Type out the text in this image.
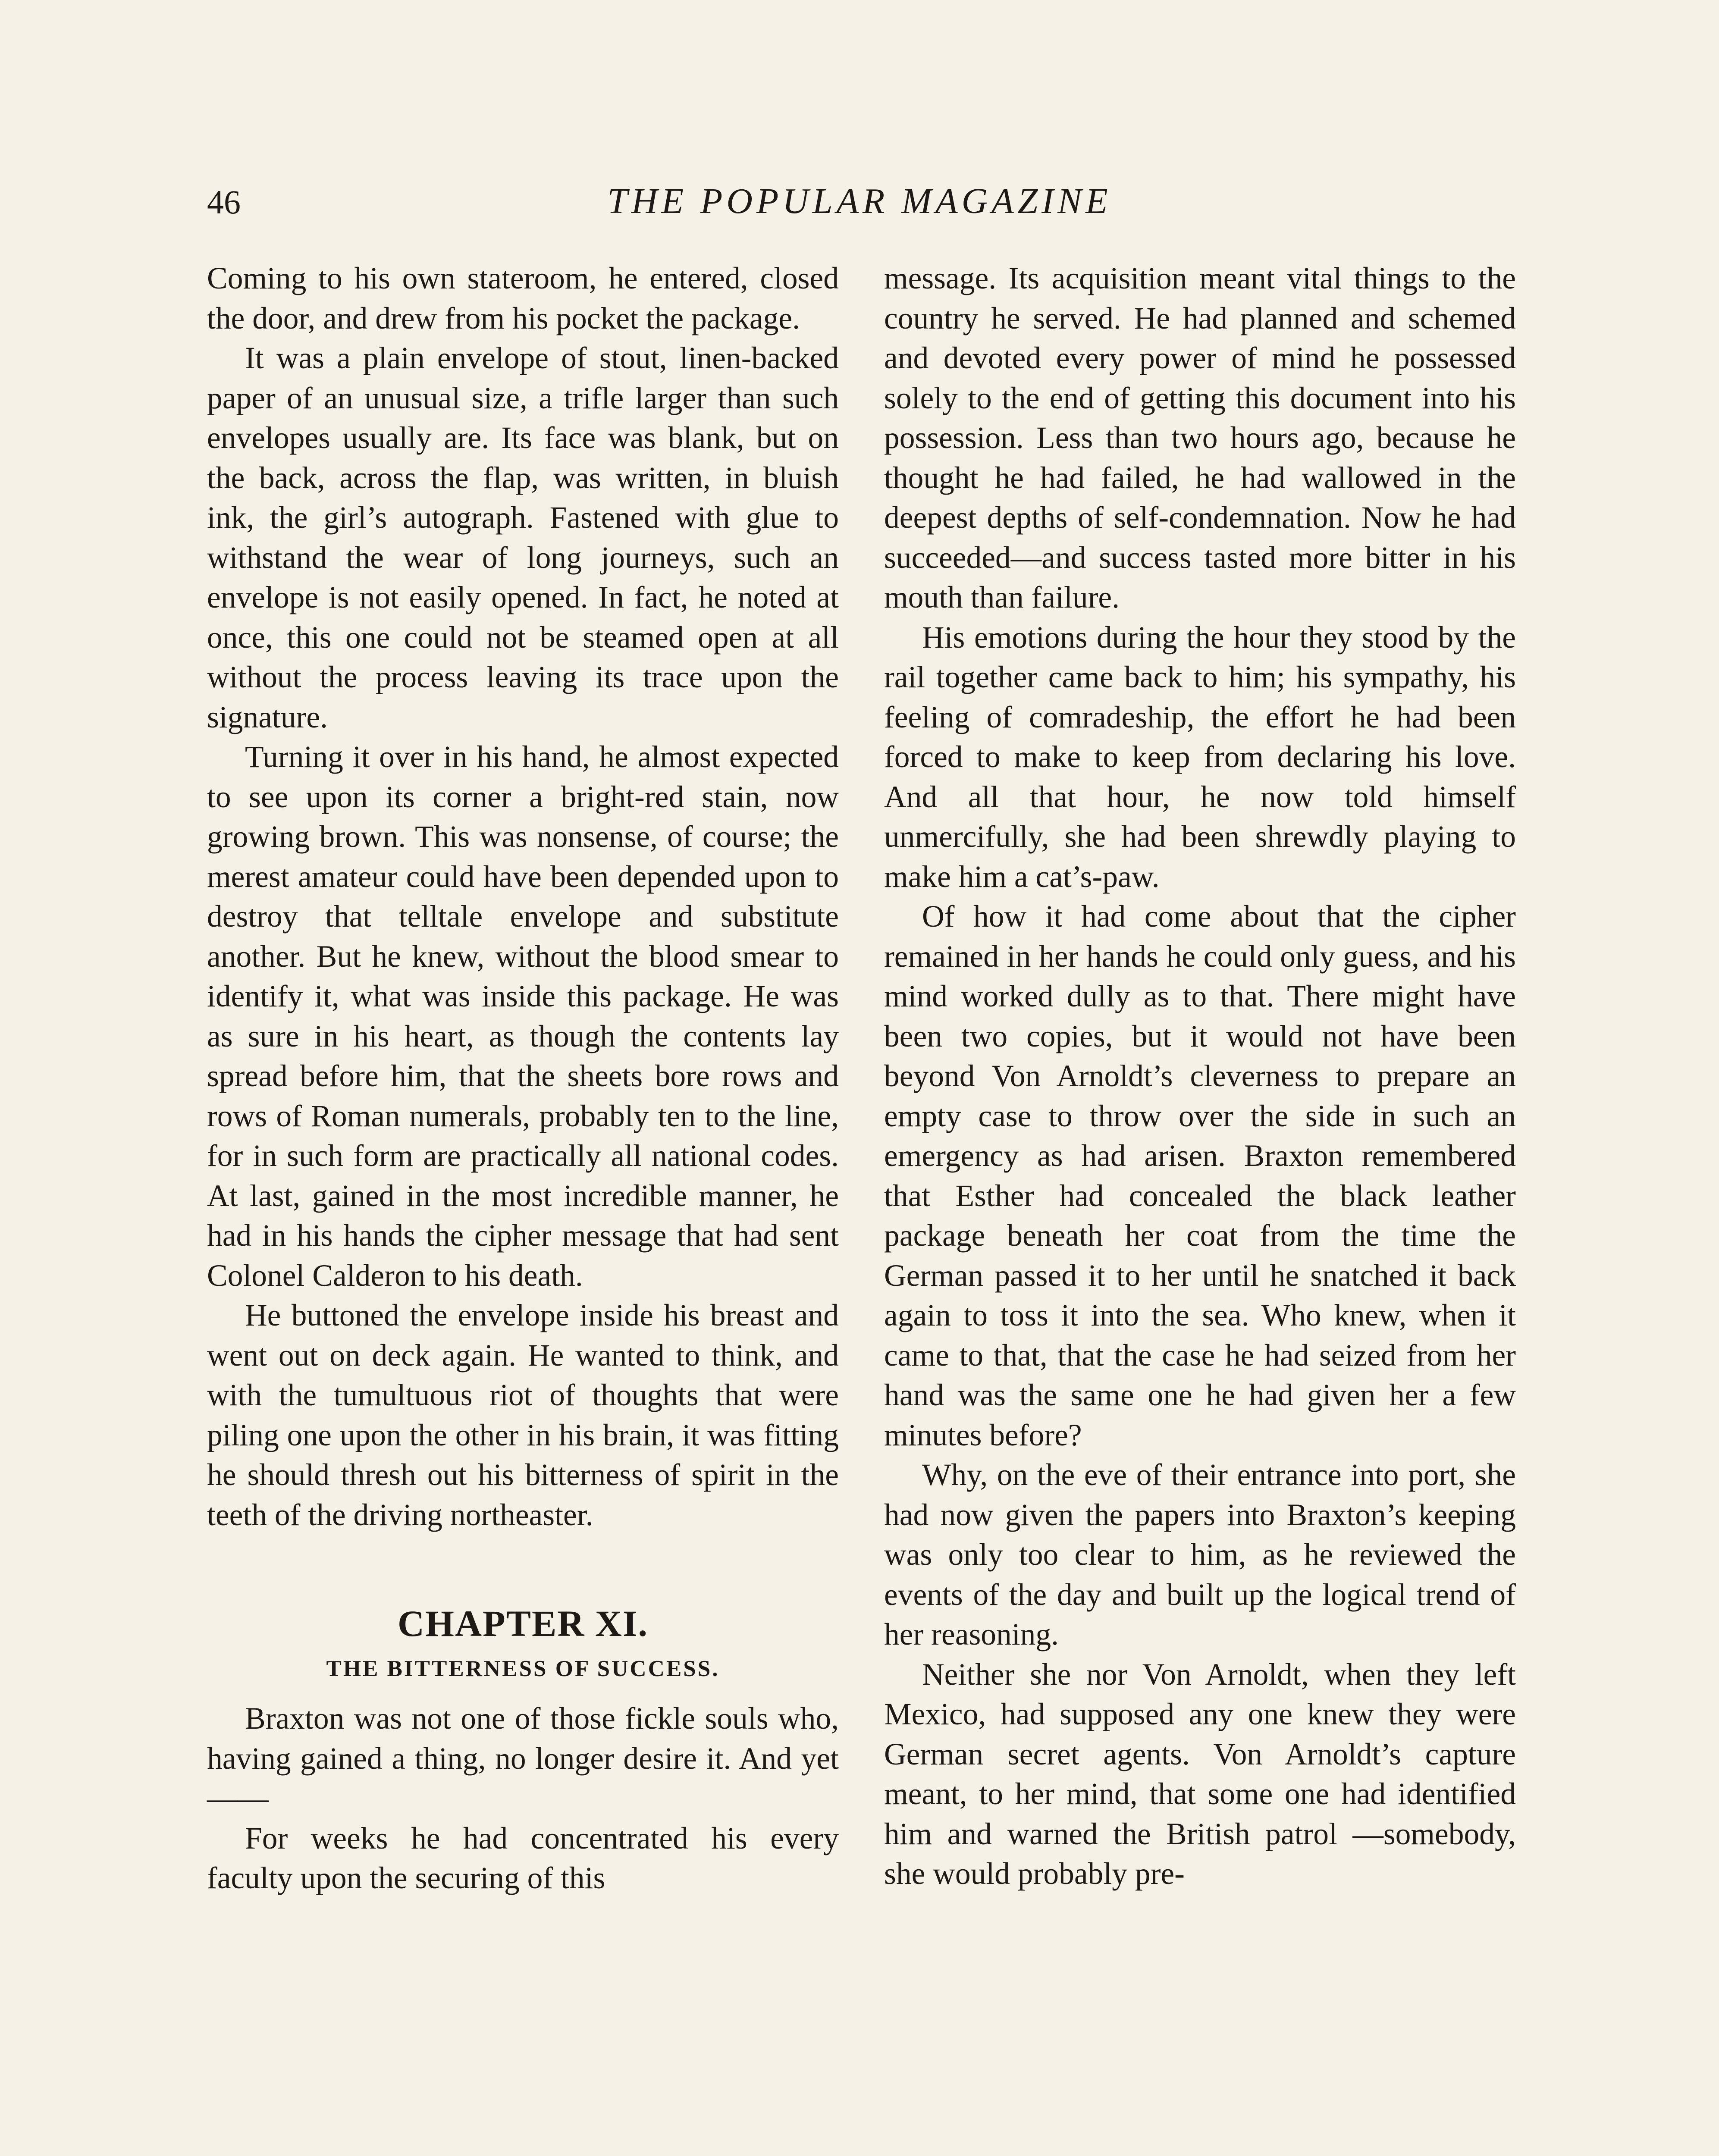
46	THE POPULAR MAGAZINE

Coming to his own stateroom, he entered, closed the door, and drew from his pocket the package.

It was a plain envelope of stout, linen-backed paper of an unusual size, a trifle larger than such envelopes usually are. Its face was blank, but on the back, across the flap, was written, in bluish ink, the girl’s autograph. Fastened with glue to withstand the wear of long journeys, such an envelope is not easily opened. In fact, he noted at once, this one could not be steamed open at all without the process leaving its trace upon the signature.

Turning it over in his hand, he almost expected to see upon its corner a bright-red stain, now growing brown. This was nonsense, of course; the merest amateur could have been depended upon to destroy that telltale envelope and substitute another. But he knew, without the blood smear to identify it, what was inside this package. He was as sure in his heart, as though the contents lay spread before him, that the sheets bore rows and rows of Roman numerals, probably ten to the line, for in such form are practically all national codes. At last, gained in the most incredible manner, he had in his hands the cipher message that had sent Colonel Calderon to his death.

He buttoned the envelope inside his breast and went out on deck again. He wanted to think, and with the tumultuous riot of thoughts that were piling one upon the other in his brain, it was fitting he should thresh out his bitterness of spirit in the teeth of the driving northeaster.

CHAPTER XI.
THE BITTERNESS OF SUCCESS.

Braxton was not one of those fickle souls who, having gained a thing, no longer desire it. And yet——

For weeks he had concentrated his every faculty upon the securing of this

message. Its acquisition meant vital things to the country he served. He had planned and schemed and devoted every power of mind he possessed solely to the end of getting this document into his possession. Less than two hours ago, because he thought he had failed, he had wallowed in the deepest depths of self-condemnation. Now he had succeeded—and success tasted more bitter in his mouth than failure.

His emotions during the hour they stood by the rail together came back to him; his sympathy, his feeling of comradeship, the effort he had been forced to make to keep from declaring his love. And all that hour, he now told himself unmercifully, she had been shrewdly playing to make him a cat’s-paw.

Of how it had come about that the cipher remained in her hands he could only guess, and his mind worked dully as to that. There might have been two copies, but it would not have been beyond Von Arnoldt’s cleverness to prepare an empty case to throw over the side in such an emergency as had arisen. Braxton remembered that Esther had concealed the black leather package beneath her coat from the time the German passed it to her until he snatched it back again to toss it into the sea. Who knew, when it came to that, that the case he had seized from her hand was the same one he had given her a few minutes before?

Why, on the eve of their entrance into port, she had now given the papers into Braxton’s keeping was only too clear to him, as he reviewed the events of the day and built up the logical trend of her reasoning.

Neither she nor Von Arnoldt, when they left Mexico, had supposed any one knew they were German secret agents. Von Arnoldt’s capture meant, to her mind, that some one had identified him and warned the British patrol —somebody, she would probably pre-
